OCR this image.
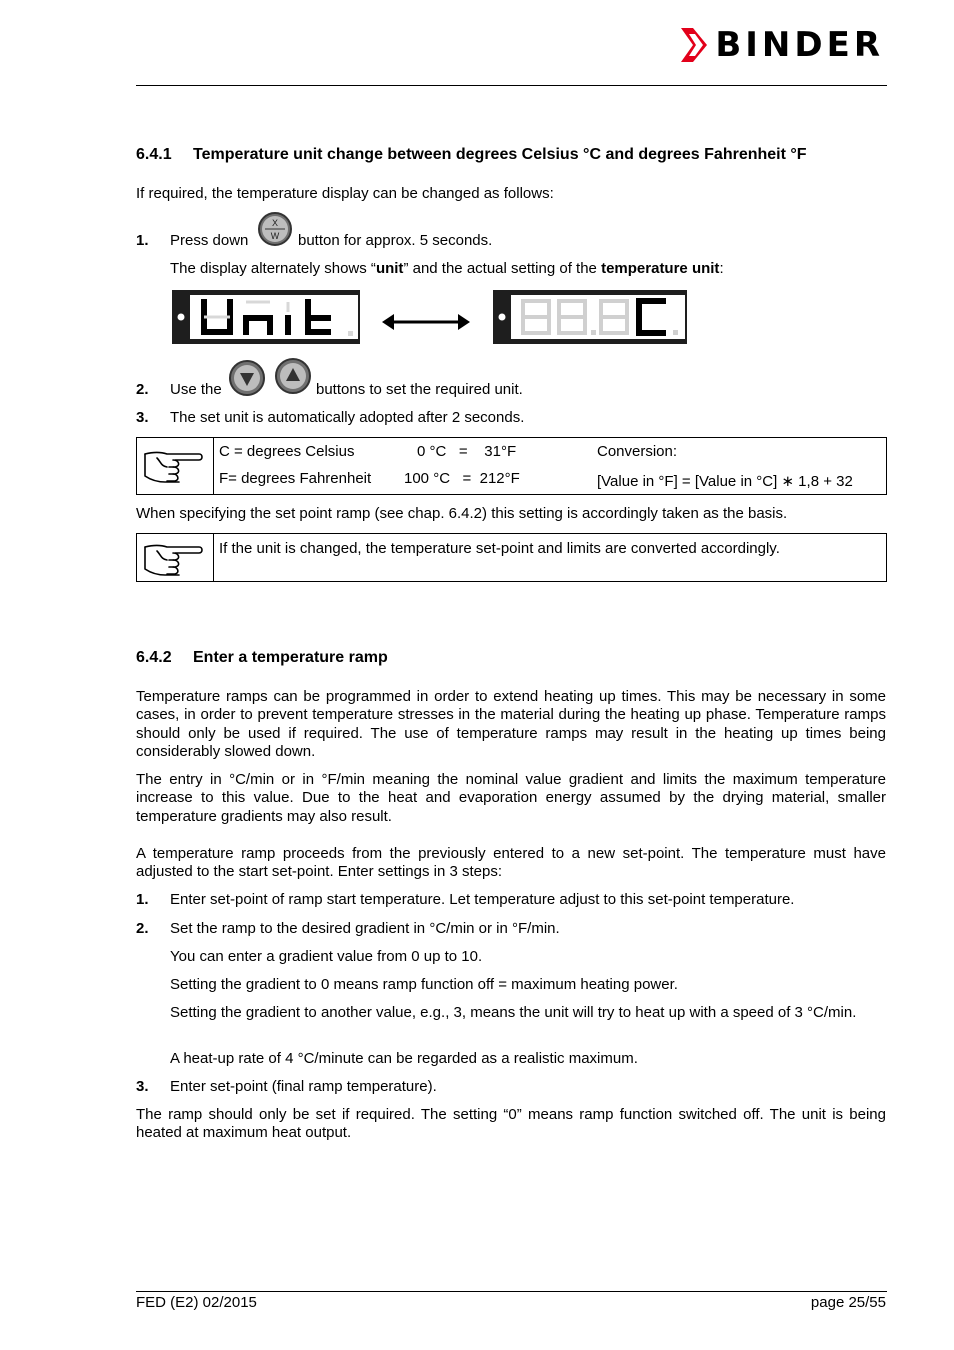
BINDER
6.4.1 Temperature unit change between degrees Celsius °C and degrees Fahrenheit °F

If required, the temperature display can be changed as follows:

1. Press down
X
W button for approx. 5 seconds.

The display alternately shows “unit” and the actual setting of the temperature unit:

2. Use the	buttons to set the required unit.
3. The set unit is automatically adopted after 2 seconds.
C = degrees Celsius	0 °C   =    31°F	Conversion:
F= degrees Fahrenheit 100 °C   =  212°F	[Value in °F] = [Value in °C] ∗ 1,8 + 32

When specifying the set point ramp (see chap. 6.4.2) this setting is accordingly taken as the basis.

If the unit is changed, the temperature set-point and limits are converted accordingly.
6.4.2 Enter a temperature ramp

Temperature ramps can be programmed in order to extend heating up times. This may be necessary in some cases, in order to prevent temperature stresses in the material during the heating up phase. Temperature ramps should only be used if required. The use of temperature ramps may result in the heating up times being considerably slowed down.

The entry in °C/min or in °F/min meaning the nominal value gradient and limits the maximum temperature increase to this value. Due to the heat and evaporation energy assumed by the drying material, smaller temperature gradients may also result.

A temperature ramp proceeds from the previously entered to a new set-point. The temperature must have adjusted to the start set-point. Enter settings in 3 steps:

1. Enter set-point of ramp start temperature. Let temperature adjust to this set-point temperature.
2. Set the ramp to the desired gradient in °C/min or in °F/min.

You can enter a gradient value from 0 up to 10.

Setting the gradient to 0 means ramp function off = maximum heating power.

Setting the gradient to another value, e.g., 3, means the unit will try to heat up with a speed of 3 °C/min.

A heat-up rate of 4 °C/minute can be regarded as a realistic maximum.

3. Enter set-point (final ramp temperature).

The ramp should only be set if required. The setting “0” means ramp function switched off. The unit is being heated at maximum heat output.

FED (E2) 02/2015	page 25/55
